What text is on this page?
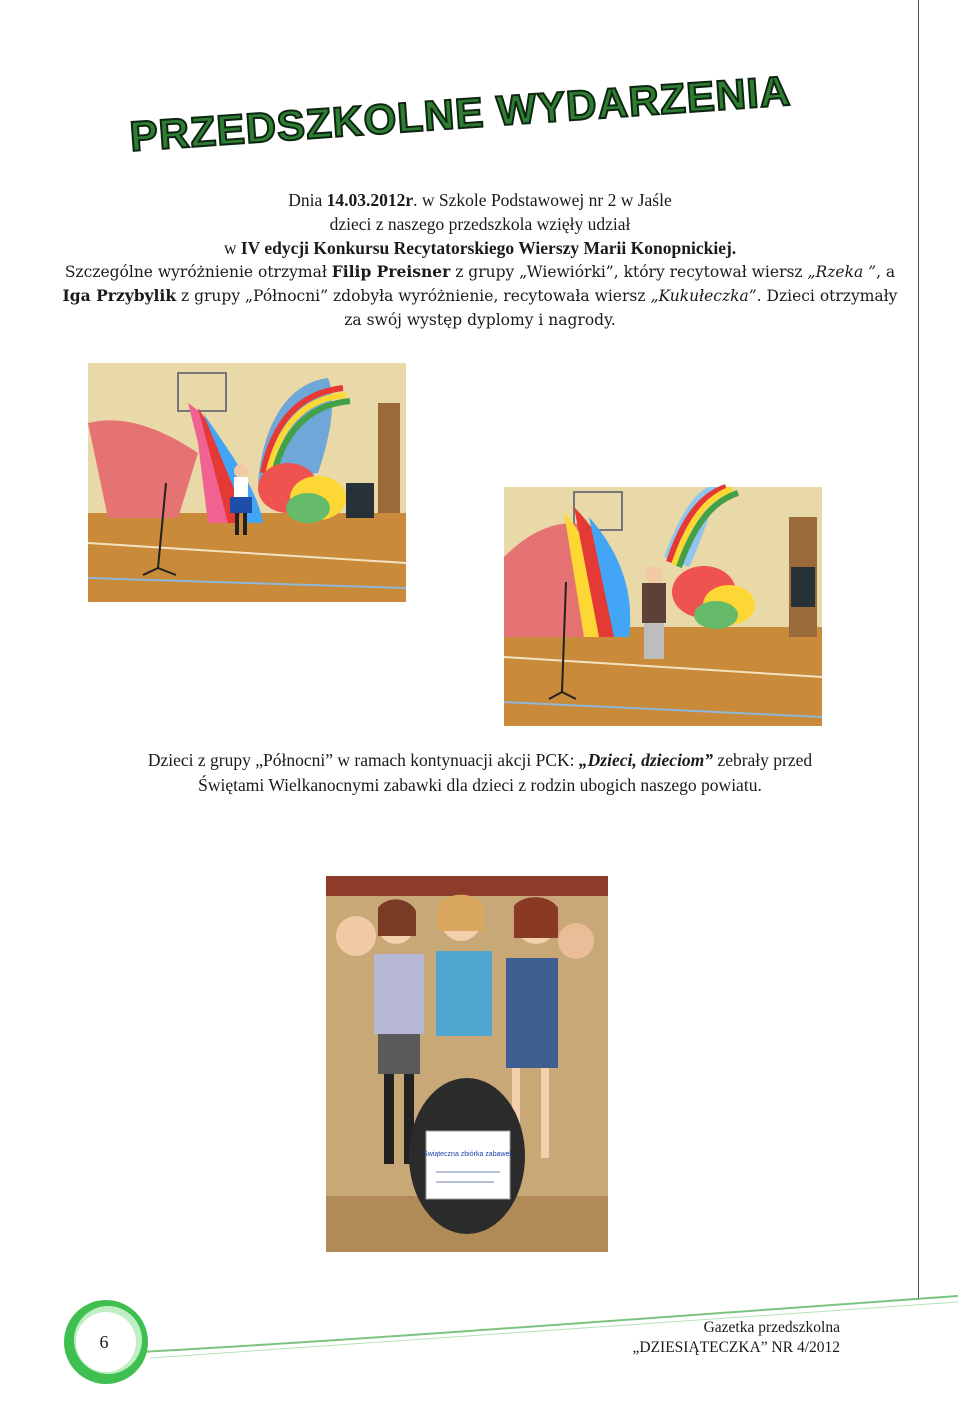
PRZEDSZKOLNE WYDARZENIA

Dnia 14.03.2012r. w Szkole Podstawowej nr 2 w Jaśle

dzieci z naszego przedszkola wzięły udział

w IV edycji Konkursu Recytatorskiego Wierszy Marii Konopnickiej.

Szczególne wyróżnienie otrzymał Filip Preisner z grupy „Wiewiórki”, który recytował wiersz „Rzeka ”, a Iga Przybylik z grupy „Północni” zdobyła wyróżnienie, recytowała wiersz „Kukułeczka”. Dzieci otrzymały za swój występ dyplomy i nagrody.

Dzieci z grupy „Północni” w ramach kontynuacji akcji PCK: „Dzieci, dzieciom” zebrały przed

Świętami Wielkanocnymi zabawki dla dzieci z rodzin ubogich naszego powiatu.

Świąteczna zbiórka zabawek
6
Gazetka przedszkolna
„DZIESIĄTECZKA” NR 4/2012
